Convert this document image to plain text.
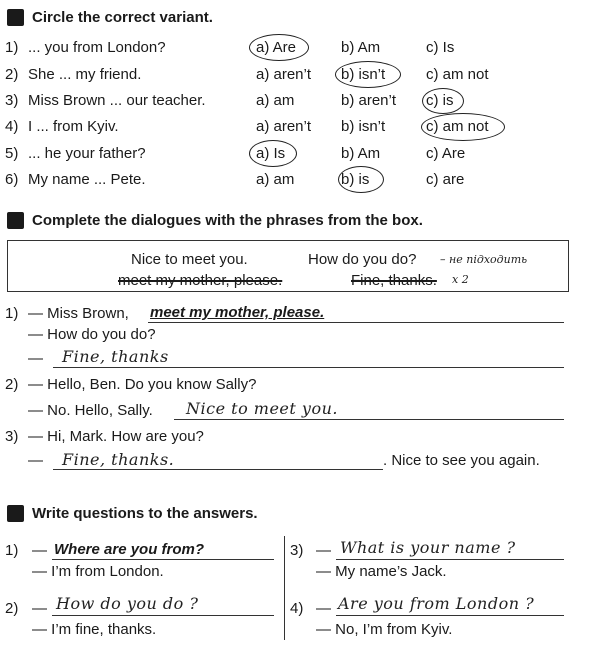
Circle the correct variant.
1) ... you from London?	a) Are	b) Am	c) Is
2) She ... my friend.	a) aren’t b) isn’t	c) am not
3) Miss Brown ... our teacher.	a) am	b) aren’t c) is
4) I ... from Kyiv.	a) aren’t b) isn’t	c) am not
5) ... he your father?	a) Is	b) Am	c) Are
6) My name ... Pete.	a) am	b) is	c) are
Complete the dialogues with the phrases from the box.
Nice to meet you.	How do you do? – не підходить
meet my mother, please.	Fine, thanks. x 2
1) — Miss Brown, meet my mother, please.
— How do you do?
— Fine, thanks
2) — Hello, Ben. Do you know Sally?
— No. Hello, Sally. Nice to meet you.
3) — Hi, Mark. How are you?
— Fine, thanks.	. Nice to see you again.
Write questions to the answers.
1) — Where are you from?
— I’m from London.
2) — How do you do ?
— I’m fine, thanks.
3) — What is your name ?
— My name’s Jack.
4) — Are you from London ?
— No, I’m from Kyiv.
